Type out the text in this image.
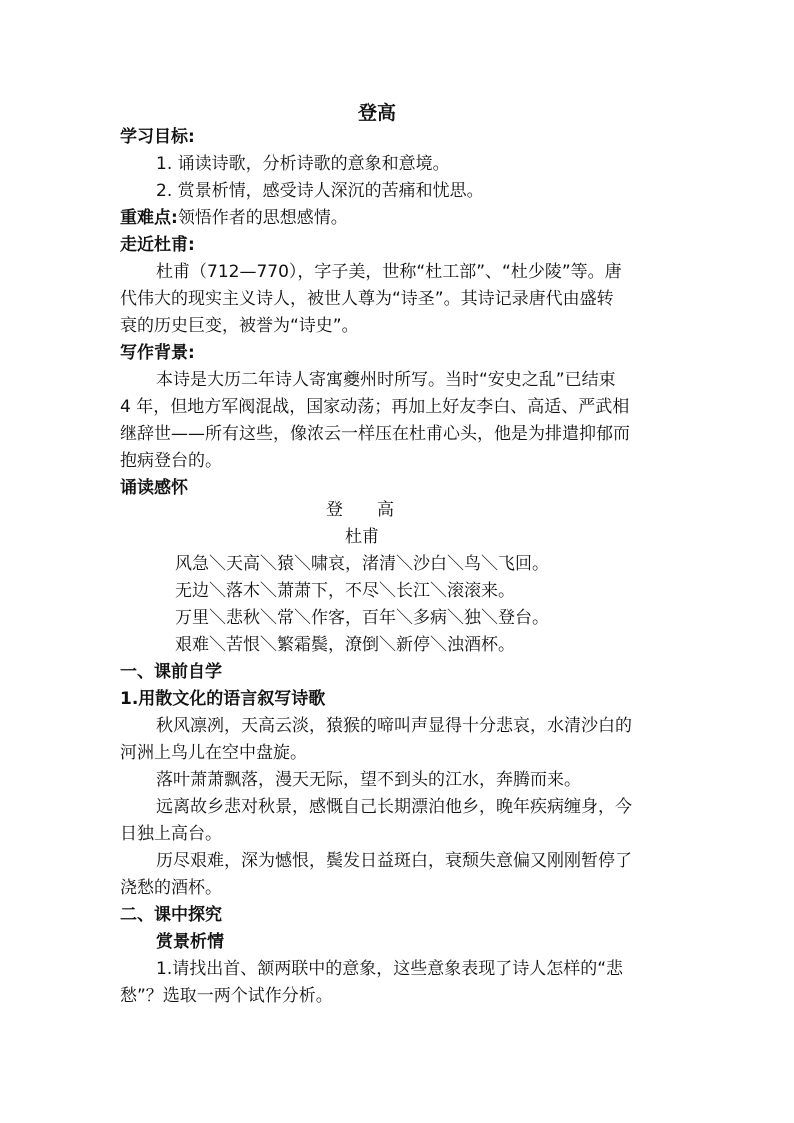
登高
学习目标:
1. 诵读诗歌，分析诗歌的意象和意境。
2. 赏景析情，感受诗人深沉的苦痛和忧思。
重难点:领悟作者的思想感情。
走近杜甫:
杜甫（712—770），字子美，世称“杜工部”、“杜少陵”等。唐
代伟大的现实主义诗人，被世人尊为“诗圣”。其诗记录唐代由盛转
衰的历史巨变，被誉为“诗史”。
写作背景:
本诗是大历二年诗人寄寓夔州时所写。当时“安史之乱”已结束
4 年，但地方军阀混战，国家动荡；再加上好友李白、高适、严武相
继辞世——所有这些，像浓云一样压在杜甫心头，他是为排遣抑郁而
抱病登台的。
诵读感怀
登 高
杜甫
风急＼天高＼猿＼啸哀，渚清＼沙白＼鸟＼飞回。
无边＼落木＼萧萧下，不尽＼长江＼滚滚来。
万里＼悲秋＼常＼作客，百年＼多病＼独＼登台。
艰难＼苦恨＼繁霜鬓，潦倒＼新停＼浊酒杯。
一、课前自学
1.用散文化的语言叙写诗歌
秋风凛冽，天高云淡，猿猴的啼叫声显得十分悲哀，水清沙白的
河洲上鸟儿在空中盘旋。
落叶萧萧飘落，漫天无际，望不到头的江水，奔腾而来。
远离故乡悲对秋景，感慨自己长期漂泊他乡，晚年疾病缠身，今
日独上高台。
历尽艰难，深为憾恨，鬓发日益斑白，衰颓失意偏又刚刚暂停了
浇愁的酒杯。
二、课中探究
赏景析情
1.请找出首、颔两联中的意象，这些意象表现了诗人怎样的“悲
愁”？选取一两个试作分析。
